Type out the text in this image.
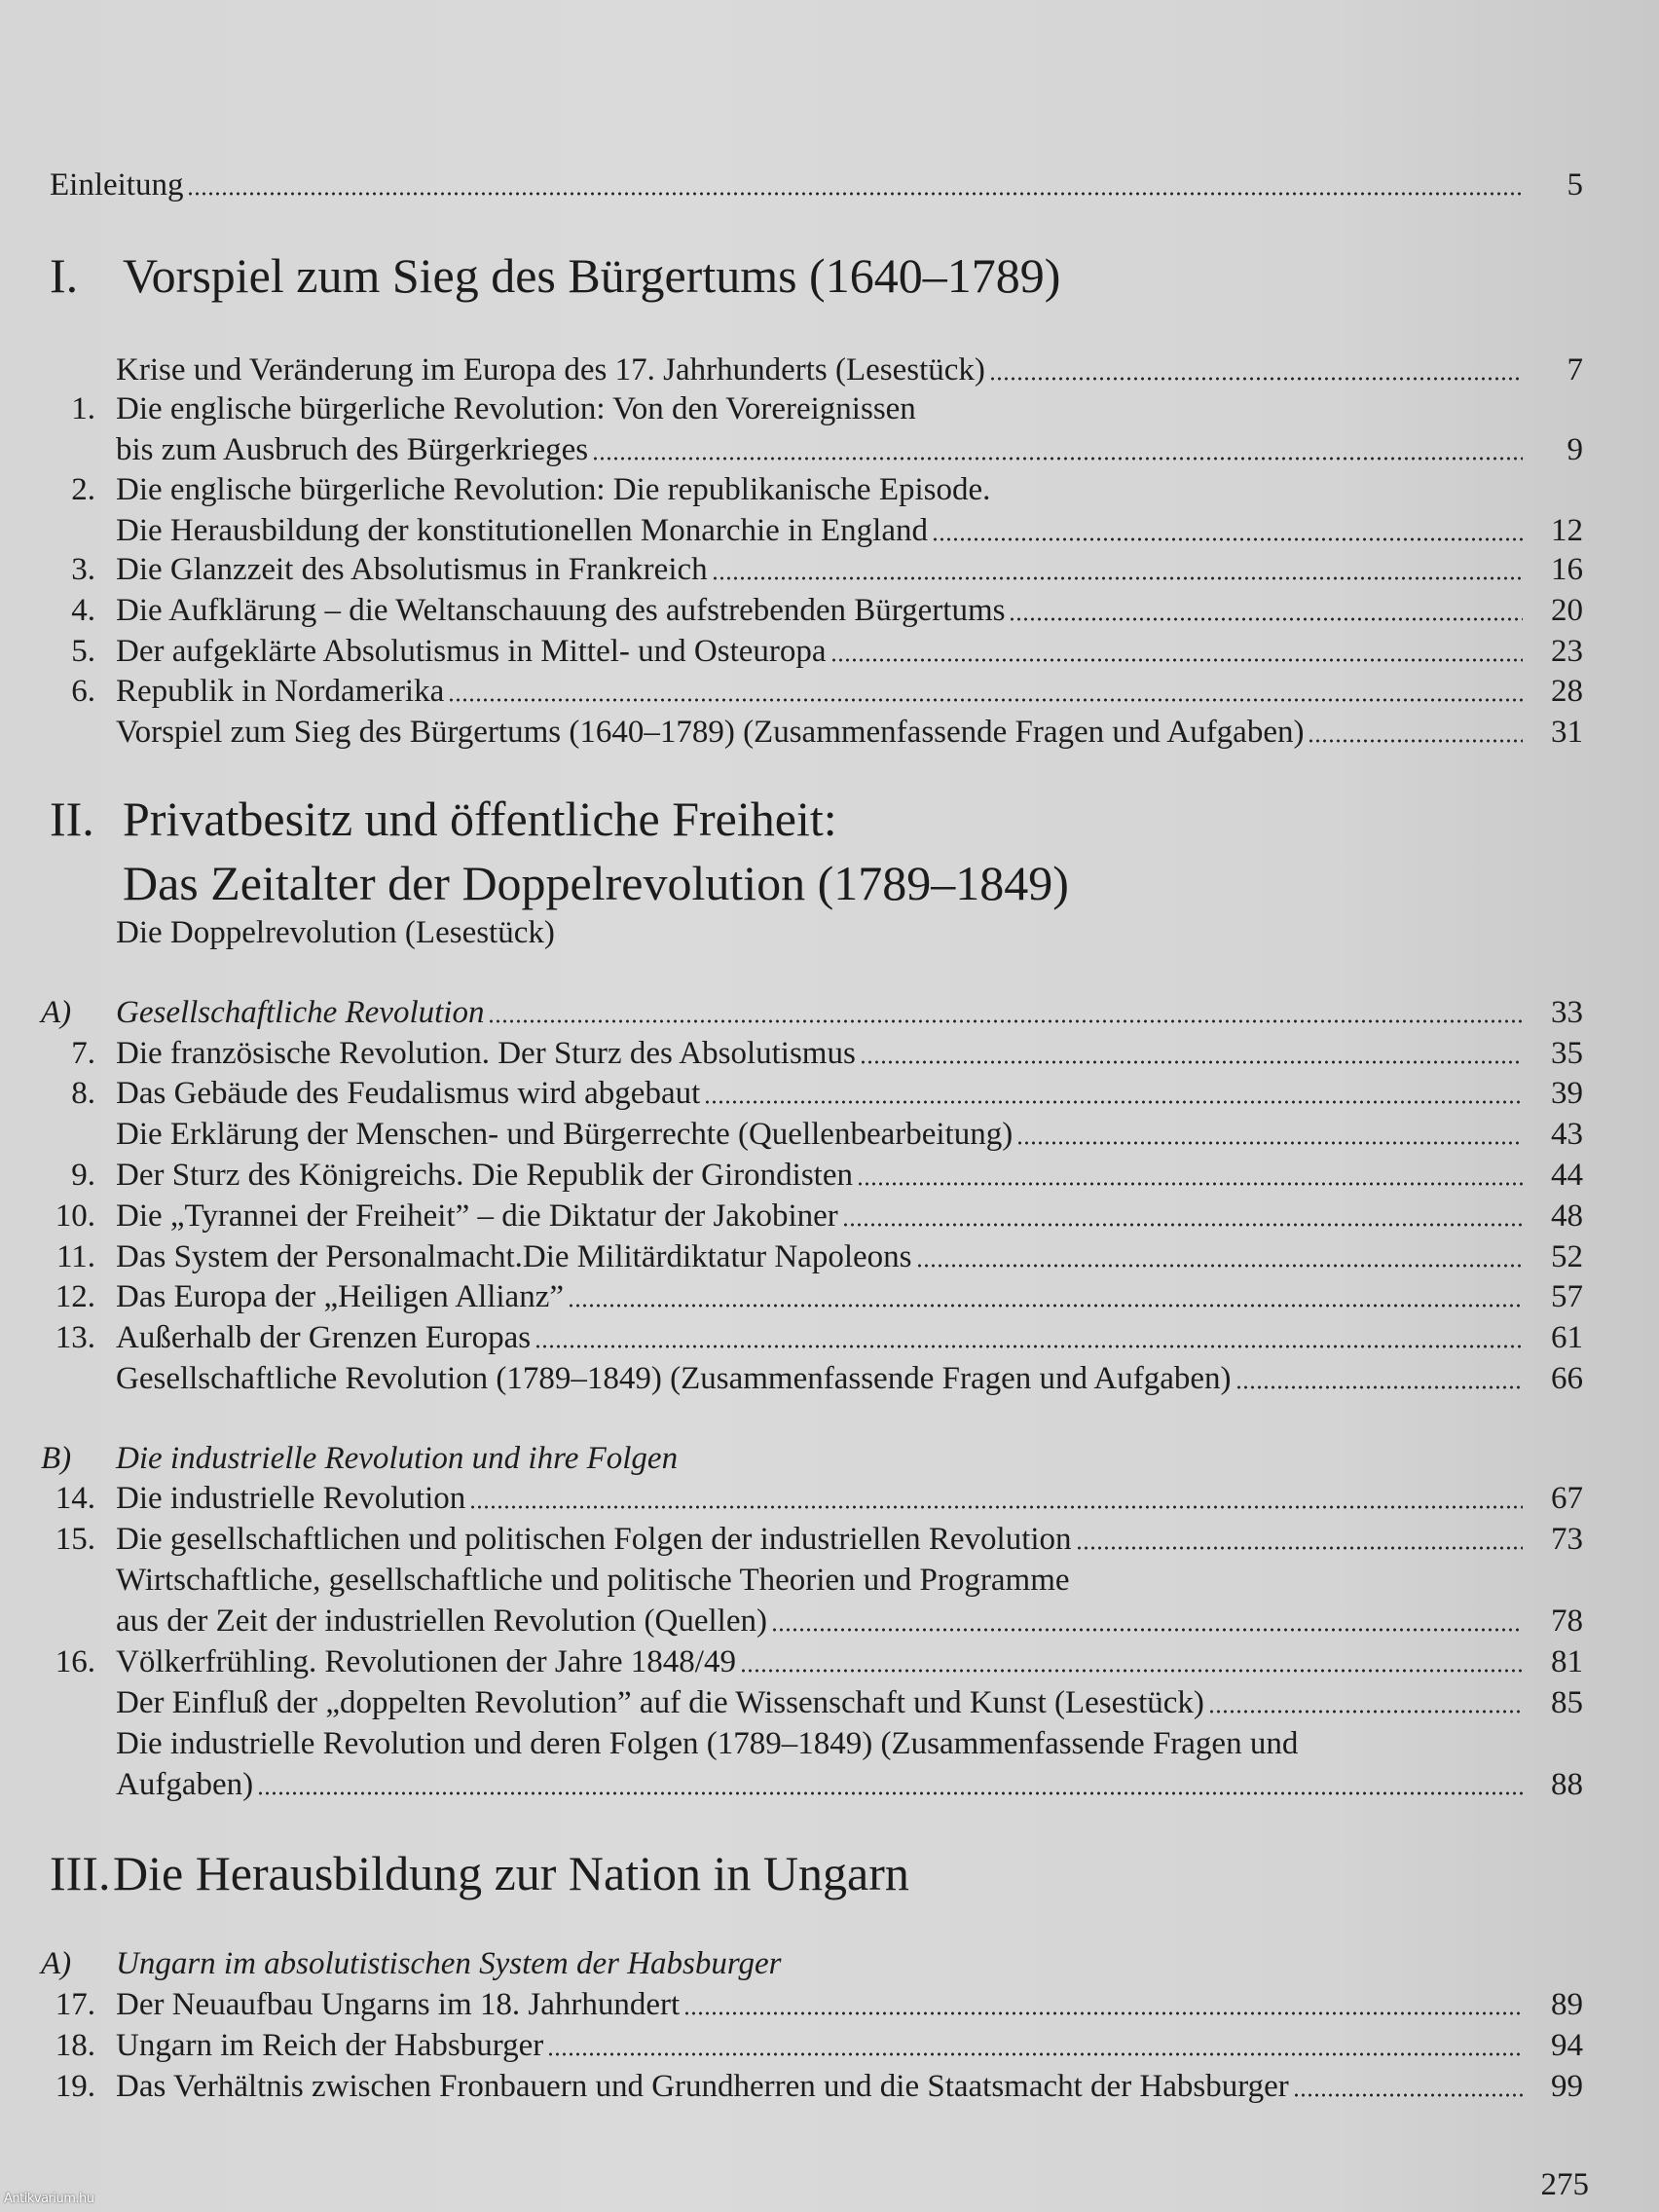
Einleitung	5
I. Vorspiel zum Sieg des Bürgertums (1640–1789)
Krise und Veränderung im Europa des 17. Jahrhunderts (Lesestück)	7
1. Die englische bürgerliche Revolution: Von den Vorereignissen
bis zum Ausbruch des Bürgerkrieges	9
2. Die englische bürgerliche Revolution: Die republikanische Episode.
Die Herausbildung der konstitutionellen Monarchie in England	12
3. Die Glanzzeit des Absolutismus in Frankreich	16
4. Die Aufklärung – die Weltanschauung des aufstrebenden Bürgertums	20
5. Der aufgeklärte Absolutismus in Mittel- und Osteuropa	23
6. Republik in Nordamerika	28
Vorspiel zum Sieg des Bürgertums (1640–1789) (Zusammenfassende Fragen und Aufgaben)	31
II. Privatbesitz und öffentliche Freiheit:
Das Zeitalter der Doppelrevolution (1789–1849)
Die Doppelrevolution (Lesestück)
A) Gesellschaftliche Revolution	33
7. Die französische Revolution. Der Sturz des Absolutismus	35
8. Das Gebäude des Feudalismus wird abgebaut	39
Die Erklärung der Menschen- und Bürgerrechte (Quellenbearbeitung)	43
9. Der Sturz des Königreichs. Die Republik der Girondisten	44
10. Die „Tyrannei der Freiheit” – die Diktatur der Jakobiner	48
11. Das System der Personalmacht.Die Militärdiktatur Napoleons	52
12. Das Europa der „Heiligen Allianz”	57
13. Außerhalb der Grenzen Europas	61
Gesellschaftliche Revolution (1789–1849) (Zusammenfassende Fragen und Aufgaben)	66
B) Die industrielle Revolution und ihre Folgen
14. Die industrielle Revolution	67
15. Die gesellschaftlichen und politischen Folgen der industriellen Revolution	73
Wirtschaftliche, gesellschaftliche und politische Theorien und Programme
aus der Zeit der industriellen Revolution (Quellen)	78
16. Völkerfrühling. Revolutionen der Jahre 1848/49	81
Der Einfluß der „doppelten Revolution” auf die Wissenschaft und Kunst (Lesestück)	85
Die industrielle Revolution und deren Folgen (1789–1849) (Zusammenfassende Fragen und
Aufgaben)	88
III. Die Herausbildung zur Nation in Ungarn
A) Ungarn im absolutistischen System der Habsburger
17. Der Neuaufbau Ungarns im 18. Jahrhundert	89
18. Ungarn im Reich der Habsburger	94
19. Das Verhältnis zwischen Fronbauern und Grundherren und die Staatsmacht der Habsburger	99
275
Antikvarium.hu
